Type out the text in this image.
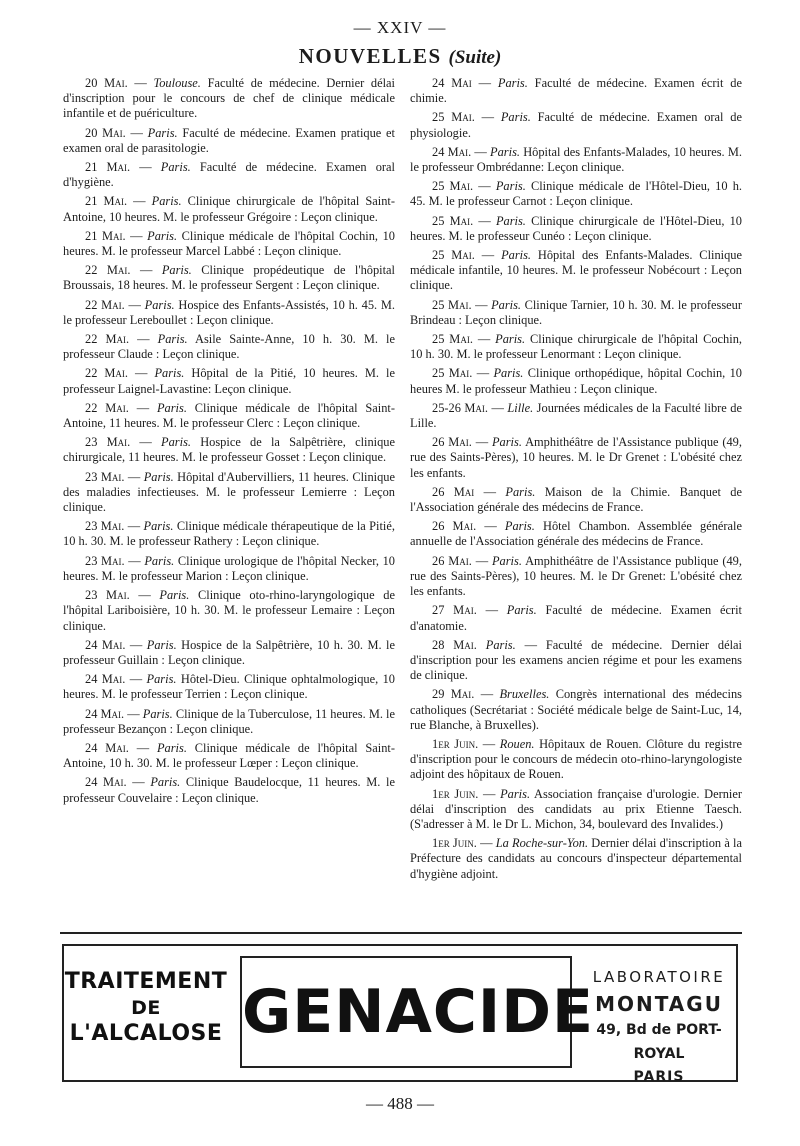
— XXIV —
NOUVELLES (Suite)

20 Mai. — Toulouse. Faculté de médecine. Dernier délai d'inscription pour le concours de chef de clinique médicale infantile et de puériculture.

20 Mai. — Paris. Faculté de médecine. Examen pratique et examen oral de parasitologie.

21 Mai. — Paris. Faculté de médecine. Examen oral d'hygiène.

21 Mai. — Paris. Clinique chirurgicale de l'hôpital Saint-Antoine, 10 heures. M. le professeur Grégoire : Leçon clinique.

21 Mai. — Paris. Clinique médicale de l'hôpital Cochin, 10 heures. M. le professeur Marcel Labbé : Leçon clinique.

22 Mai. — Paris. Clinique propédeutique de l'hôpital Broussais, 18 heures. M. le professeur Sergent : Leçon clinique.

22 Mai. — Paris. Hospice des Enfants-Assistés, 10 h. 45. M. le professeur Lereboullet : Leçon clinique.

22 Mai. — Paris. Asile Sainte-Anne, 10 h. 30. M. le professeur Claude : Leçon clinique.

22 Mai. — Paris. Hôpital de la Pitié, 10 heures. M. le professeur Laignel-Lavastine: Leçon clinique.

22 Mai. — Paris. Clinique médicale de l'hôpital Saint-Antoine, 11 heures. M. le professeur Clerc : Leçon clinique.

23 Mai. — Paris. Hospice de la Salpêtrière, clinique chirurgicale, 11 heures. M. le professeur Gosset : Leçon clinique.

23 Mai. — Paris. Hôpital d'Aubervilliers, 11 heures. Clinique des maladies infectieuses. M. le professeur Lemierre : Leçon clinique.

23 Mai. — Paris. Clinique médicale thérapeutique de la Pitié, 10 h. 30. M. le professeur Rathery : Leçon clinique.

23 Mai. — Paris. Clinique urologique de l'hôpital Necker, 10 heures. M. le professeur Marion : Leçon clinique.

23 Mai. — Paris. Clinique oto-rhino-laryngologique de l'hôpital Lariboisière, 10 h. 30. M. le professeur Lemaire : Leçon clinique.

24 Mai. — Paris. Hospice de la Salpêtrière, 10 h. 30. M. le professeur Guillain : Leçon clinique.

24 Mai. — Paris. Hôtel-Dieu. Clinique ophtalmologique, 10 heures. M. le professeur Terrien : Leçon clinique.

24 Mai. — Paris. Clinique de la Tuberculose, 11 heures. M. le professeur Bezançon : Leçon clinique.

24 Mai. — Paris. Clinique médicale de l'hôpital Saint-Antoine, 10 h. 30. M. le professeur Lœper : Leçon clinique.

24 Mai. — Paris. Clinique Baudelocque, 11 heures. M. le professeur Couvelaire : Leçon clinique.

24 Mai — Paris. Faculté de médecine. Examen écrit de chimie.

25 Mai. — Paris. Faculté de médecine. Examen oral de physiologie.

24 Mai. — Paris. Hôpital des Enfants-Malades, 10 heures. M. le professeur Ombrédanne: Leçon clinique.

25 Mai. — Paris. Clinique médicale de l'Hôtel-Dieu, 10 h. 45. M. le professeur Carnot : Leçon clinique.

25 Mai. — Paris. Clinique chirurgicale de l'Hôtel-Dieu, 10 heures. M. le professeur Cunéo : Leçon clinique.

25 Mai. — Paris. Hôpital des Enfants-Malades. Clinique médicale infantile, 10 heures. M. le professeur Nobécourt : Leçon clinique.

25 Mai. — Paris. Clinique Tarnier, 10 h. 30. M. le professeur Brindeau : Leçon clinique.

25 Mai. — Paris. Clinique chirurgicale de l'hôpital Cochin, 10 h. 30. M. le professeur Lenormant : Leçon clinique.

25 Mai. — Paris. Clinique orthopédique, hôpital Cochin, 10 heures M. le professeur Mathieu : Leçon clinique.

25-26 Mai. — Lille. Journées médicales de la Faculté libre de Lille.

26 Mai. — Paris. Amphithéâtre de l'Assistance publique (49, rue des Saints-Pères), 10 heures. M. le Dr Grenet : L'obésité chez les enfants.

26 Mai — Paris. Maison de la Chimie. Banquet de l'Association générale des médecins de France.

26 Mai. — Paris. Hôtel Chambon. Assemblée générale annuelle de l'Association générale des médecins de France.

26 Mai. — Paris. Amphithéâtre de l'Assistance publique (49, rue des Saints-Pères), 10 heures. M. le Dr Grenet: L'obésité chez les enfants.

27 Mai. — Paris. Faculté de médecine. Examen écrit d'anatomie.

28 Mai. Paris. — Faculté de médecine. Dernier délai d'inscription pour les examens ancien régime et pour les examens de clinique.

29 Mai. — Bruxelles. Congrès international des médecins catholiques (Secrétariat : Société médicale belge de Saint-Luc, 14, rue Blanche, à Bruxelles).

1er Juin. — Rouen. Hôpitaux de Rouen. Clôture du registre d'inscription pour le concours de médecin oto-rhino-laryngologiste adjoint des hôpitaux de Rouen.

1er Juin. — Paris. Association française d'urologie. Dernier délai d'inscription des candidats au prix Etienne Taesch. (S'adresser à M. le Dr L. Michon, 34, boulevard des Invalides.)

1er Juin. — La Roche-sur-Yon. Dernier délai d'inscription à la Préfecture des candidats au concours d'inspecteur départemental d'hygiène adjoint.

TRAITEMENT
DE
L'ALCALOSE GENACIDE
LABORATOIRE
MONTAGU
49, Bd de PORT-ROYAL
PARIS
— 488 —
